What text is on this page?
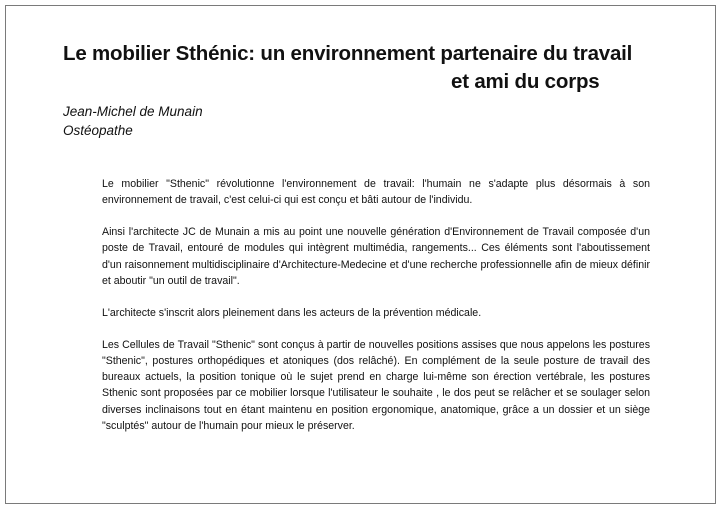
Le mobilier Sthénic: un environnement partenaire du travail
et ami du corps
Jean-Michel de Munain
Ostéopathe

Le mobilier "Sthenic" révolutionne l'environnement de travail: l'humain ne s'adapte plus désormais à son environnement de travail, c'est celui-ci qui est conçu et bâti autour de l'individu.

Ainsi l'architecte JC de Munain a mis au point une nouvelle génération d'Environnement de Travail composée d'un poste de Travail, entouré de modules qui intègrent multimédia, rangements... Ces éléments sont l'aboutissement d'un raisonnement multidisciplinaire d'Architecture-Medecine et d'une recherche professionnelle afin de mieux définir et aboutir "un outil de travail".

L'architecte s'inscrit alors pleinement dans les acteurs de la prévention médicale.

Les Cellules de Travail "Sthenic" sont conçus à partir de nouvelles positions assises que nous appelons les postures "Sthenic", postures orthopédiques et atoniques (dos relâché). En complément de la seule posture de travail des bureaux actuels, la position tonique où le sujet prend en charge lui-même son érection vertébrale, les postures Sthenic sont proposées par ce mobilier lorsque l'utilisateur le souhaite , le dos peut se relâcher et se soulager selon diverses inclinaisons tout en étant maintenu en position ergonomique, anatomique, grâce a un dossier et un siège "sculptés" autour de l'humain pour mieux le préserver.
